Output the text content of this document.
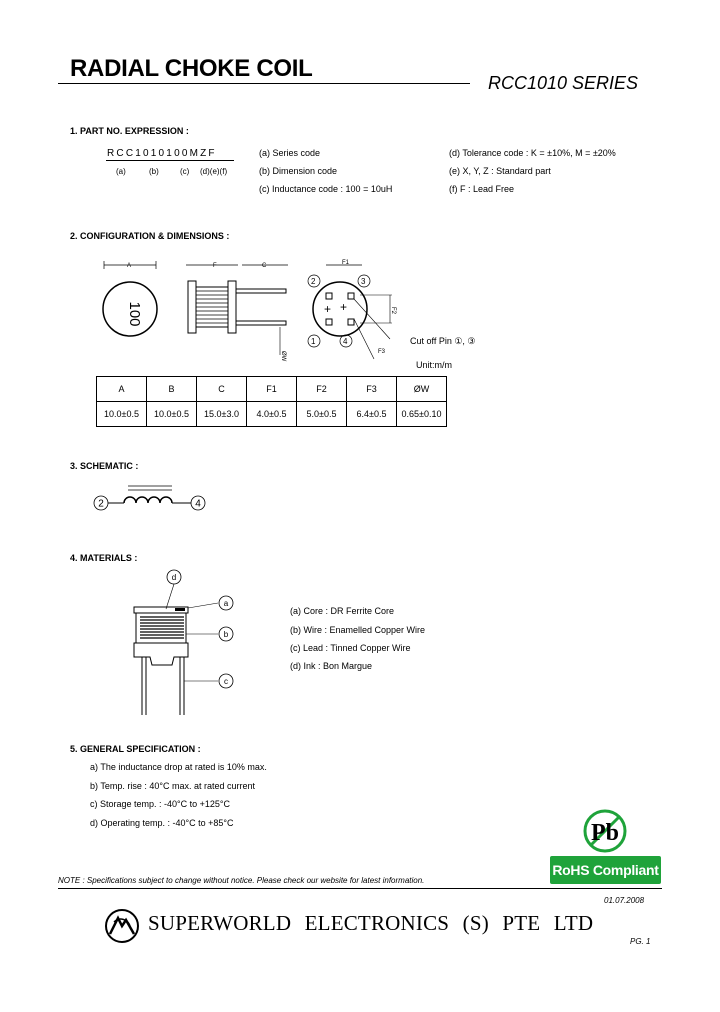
RADIAL CHOKE COIL
RCC1010 SERIES
1. PART NO. EXPRESSION :
RCC1010100MZF
(a)	(b)	(c) (d)(e)(f)
(a) Series code
(b) Dimension code
(c) Inductance code : 100 = 10uH
(d) Tolerance code : K = ±10%, M = ±20%
(e) X, Y, Z : Standard part
(f) F : Lead Free
2. CONFIGURATION & DIMENSIONS :
A
100
F	C
ØW
F1
+ +
2	3
1	4
F2
F3
Cut off Pin ①, ③
Unit:m/m
A	B	C	F1	F2	F3	ØW
10.0±0.5	10.0±0.5	15.0±3.0	4.0±0.5	5.0±0.5	6.4±0.5	0.65±0.10
3. SCHEMATIC :
2	4
4. MATERIALS :
d
a
b
c
(a) Core : DR Ferrite Core
(b) Wire : Enamelled Copper Wire
(c) Lead : Tinned Copper Wire
(d) Ink : Bon Margue
5. GENERAL SPECIFICATION :
a) The inductance drop at rated is 10% max.
b) Temp. rise : 40°C max. at rated current
c) Storage temp. : -40°C to +125°C
d) Operating temp. : -40°C to +85°C	Pb
RoHS Compliant
NOTE : Specifications subject to change without notice. Please check our website for latest information.
01.07.2008
SUPERWORLD ELECTRONICS (S) PTE LTD
PG. 1
